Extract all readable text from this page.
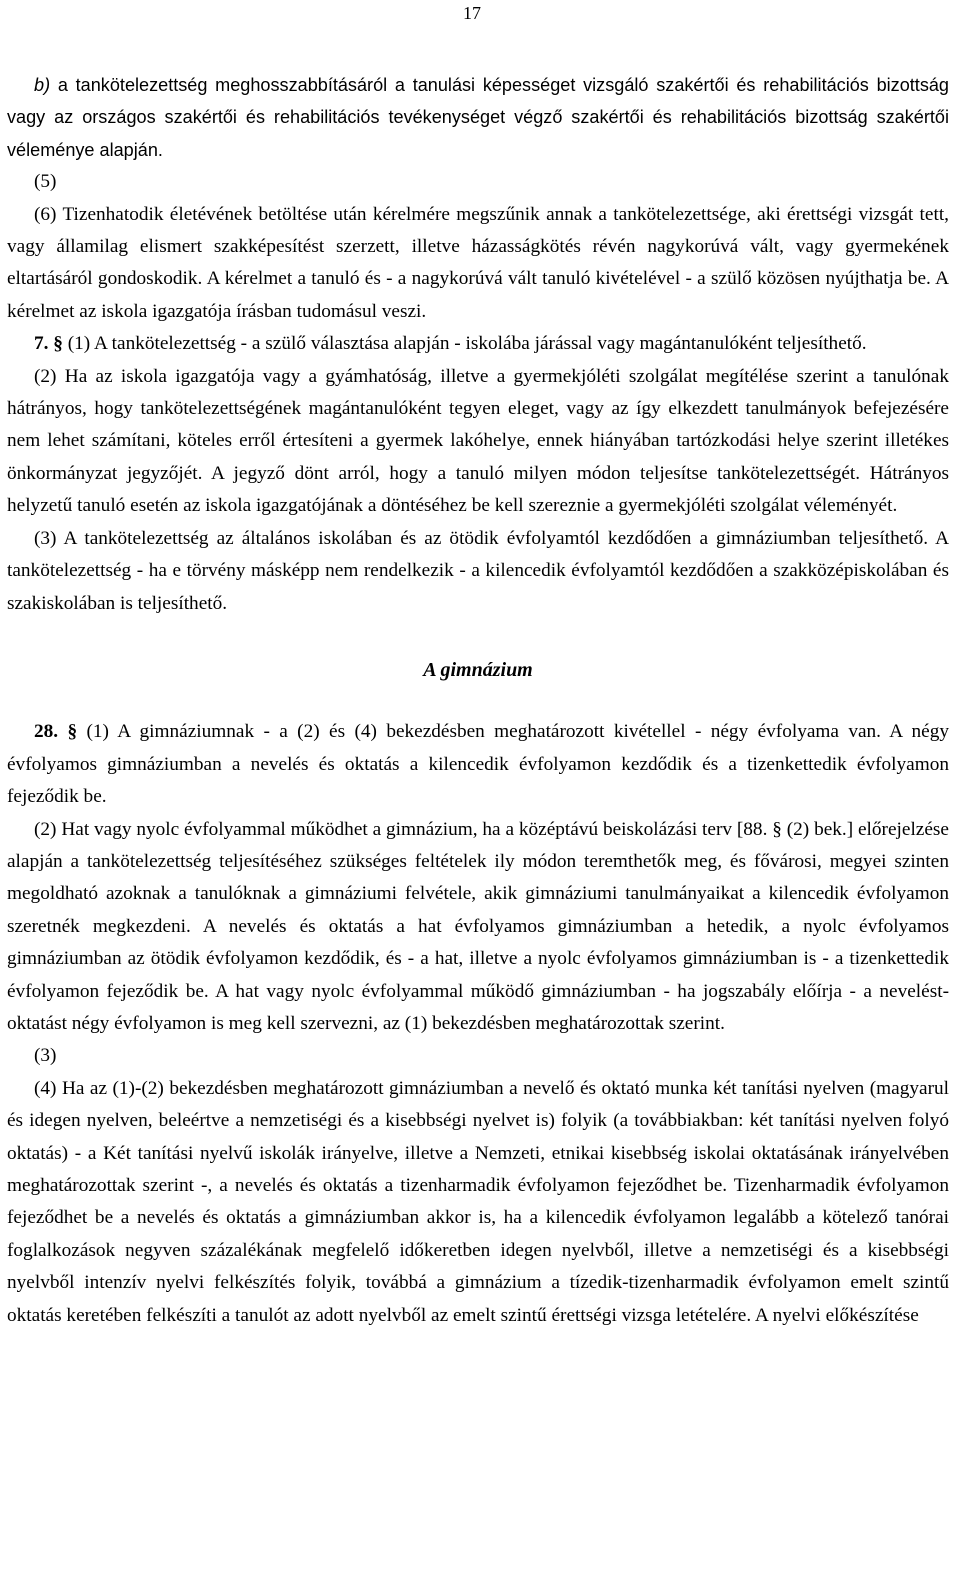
17

b) a tankötelezettség meghosszabbításáról a tanulási képességet vizsgáló szakértői és rehabilitációs bizottság vagy az országos szakértői és rehabilitációs tevékenységet végző szakértői és rehabilitációs bizottság szakértői véleménye alapján.

(5)

(6) Tizenhatodik életévének betöltése után kérelmére megszűnik annak a tankötelezettsége, aki érettségi vizsgát tett, vagy államilag elismert szakképesítést szerzett, illetve házasságkötés révén nagykorúvá vált, vagy gyermekének eltartásáról gondoskodik. A kérelmet a tanuló és - a nagykorúvá vált tanuló kivételével - a szülő közösen nyújthatja be. A kérelmet az iskola igazgatója írásban tudomásul veszi.

7. § (1) A tankötelezettség - a szülő választása alapján - iskolába járással vagy magántanulóként teljesíthető.

(2) Ha az iskola igazgatója vagy a gyámhatóság, illetve a gyermekjóléti szolgálat megítélése szerint a tanulónak hátrányos, hogy tankötelezettségének magántanulóként tegyen eleget, vagy az így elkezdett tanulmányok befejezésére nem lehet számítani, köteles erről értesíteni a gyermek lakóhelye, ennek hiányában tartózkodási helye szerint illetékes önkormányzat jegyzőjét. A jegyző dönt arról, hogy a tanuló milyen módon teljesítse tankötelezettségét. Hátrányos helyzetű tanuló esetén az iskola igazgatójának a döntéséhez be kell szereznie a gyermekjóléti szolgálat véleményét.

(3) A tankötelezettség az általános iskolában és az ötödik évfolyamtól kezdődően a gimnáziumban teljesíthető. A tankötelezettség - ha e törvény másképp nem rendelkezik - a kilencedik évfolyamtól kezdődően a szakközépiskolában és szakiskolában is teljesíthető.

A gimnázium

28. § (1) A gimnáziumnak - a (2) és (4) bekezdésben meghatározott kivétellel - négy évfolyama van. A négy évfolyamos gimnáziumban a nevelés és oktatás a kilencedik évfolyamon kezdődik és a tizenkettedik évfolyamon fejeződik be.

(2) Hat vagy nyolc évfolyammal működhet a gimnázium, ha a középtávú beiskolázási terv [88. § (2) bek.] előrejelzése alapján a tankötelezettség teljesítéséhez szükséges feltételek ily módon teremthetők meg, és fővárosi, megyei szinten megoldható azoknak a tanulóknak a gimnáziumi felvétele, akik gimnáziumi tanulmányaikat a kilencedik évfolyamon szeretnék megkezdeni. A nevelés és oktatás a hat évfolyamos gimnáziumban a hetedik, a nyolc évfolyamos gimnáziumban az ötödik évfolyamon kezdődik, és - a hat, illetve a nyolc évfolyamos gimnáziumban is - a tizenkettedik évfolyamon fejeződik be. A hat vagy nyolc évfolyammal működő gimnáziumban - ha jogszabály előírja - a nevelést-oktatást négy évfolyamon is meg kell szervezni, az (1) bekezdésben meghatározottak szerint.

(3)

(4) Ha az (1)-(2) bekezdésben meghatározott gimnáziumban a nevelő és oktató munka két tanítási nyelven (magyarul és idegen nyelven, beleértve a nemzetiségi és a kisebbségi nyelvet is) folyik (a továbbiakban: két tanítási nyelven folyó oktatás) - a Két tanítási nyelvű iskolák irányelve, illetve a Nemzeti, etnikai kisebbség iskolai oktatásának irányelvében meghatározottak szerint -, a nevelés és oktatás a tizenharmadik évfolyamon fejeződhet be. Tizenharmadik évfolyamon fejeződhet be a nevelés és oktatás a gimnáziumban akkor is, ha a kilencedik évfolyamon legalább a kötelező tanórai foglalkozások negyven százalékának megfelelő időkeretben idegen nyelvből, illetve a nemzetiségi és a kisebbségi nyelvből intenzív nyelvi felkészítés folyik, továbbá a gimnázium a tízedik-tizenharmadik évfolyamon emelt szintű oktatás keretében felkészíti a tanulót az adott nyelvből az emelt szintű érettségi vizsga letételére. A nyelvi előkészítése
